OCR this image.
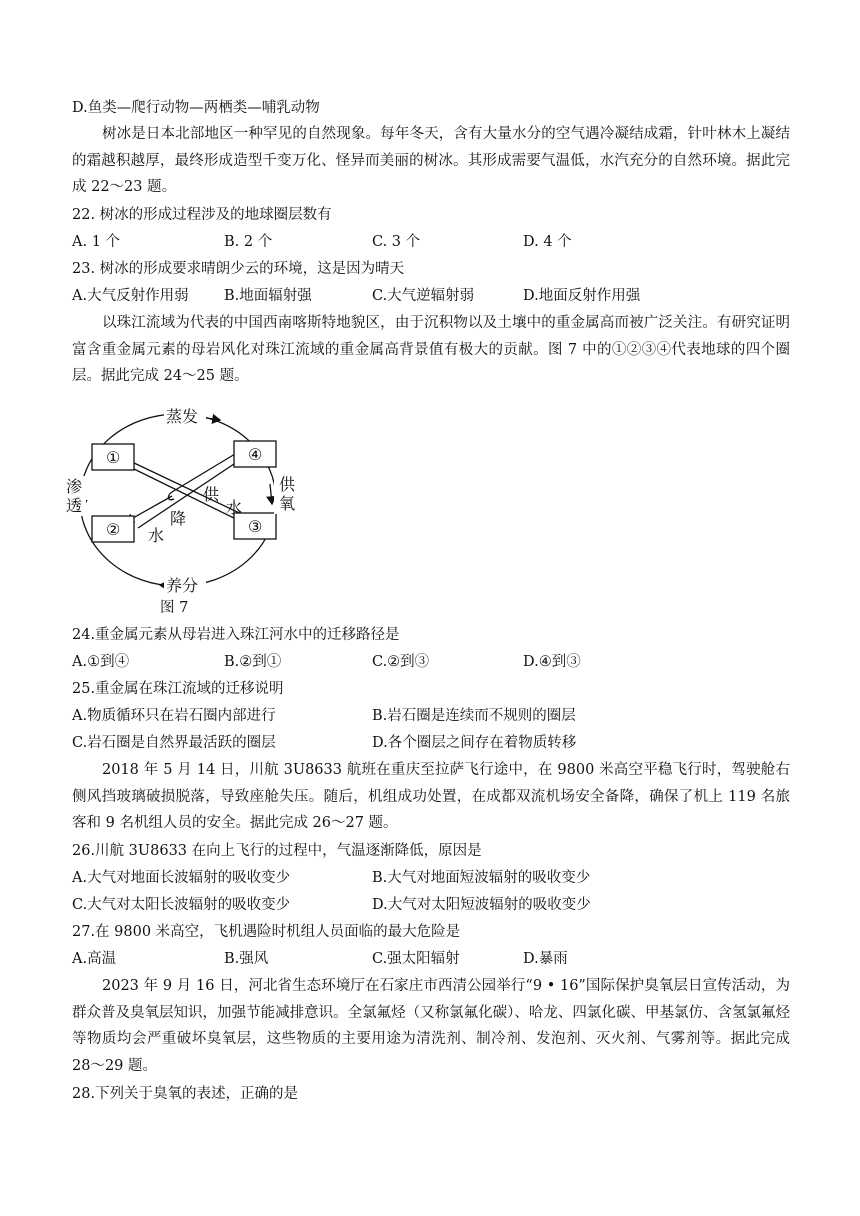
D.鱼类—爬行动物—两栖类—哺乳动物
树冰是日本北部地区一种罕见的自然现象。每年冬天，含有大量水分的空气遇冷凝结成霜，针叶林木上凝结的霜越积越厚，最终形成造型千变万化、怪异而美丽的树冰。其形成需要气温低，水汽充分的自然环境。据此完成 22～23 题。
22. 树冰的形成过程涉及的地球圈层数有
A. 1 个	B. 2 个	C. 3 个	D. 4 个
23. 树冰的形成要求晴朗少云的环境，这是因为晴天
A.大气反射作用弱 B.地面辐射强	C.大气逆辐射弱	D.地面反射作用强
以珠江流域为代表的中国西南喀斯特地貌区，由于沉积物以及土壤中的重金属高而被广泛关注。有研究证明富含重金属元素的母岩风化对珠江流域的重金属高背景值有极大的贡献。图 7 中的①②③④代表地球的四个圈层。据此完成 24～25 题。
①
②	③
④
蒸发
养分
渗
透
供
氧
降
水
供
水
图 7
24.重金属元素从母岩进入珠江河水中的迁移路径是
A.①到④	B.②到①	C.②到③	D.④到③
25.重金属在珠江流域的迁移说明
A.物质循环只在岩石圈内部进行	B.岩石圈是连续而不规则的圈层
C.岩石圈是自然界最活跃的圈层	D.各个圈层之间存在着物质转移
2018 年 5 月 14 日，川航 3U8633 航班在重庆至拉萨飞行途中，在 9800 米高空平稳飞行时，驾驶舱右侧风挡玻璃破损脱落，导致座舱失压。随后，机组成功处置，在成都双流机场安全备降，确保了机上 119 名旅客和 9 名机组人员的安全。据此完成 26～27 题。
26.川航 3U8633 在向上飞行的过程中，气温逐渐降低，原因是
A.大气对地面长波辐射的吸收变少	B.大气对地面短波辐射的吸收变少
C.大气对太阳长波辐射的吸收变少	D.大气对太阳短波辐射的吸收变少
27.在 9800 米高空，飞机遇险时机组人员面临的最大危险是
A.高温	B.强风	C.强太阳辐射	D.暴雨
2023 年 9 月 16 日，河北省生态环境厅在石家庄市西清公园举行“9 • 16”国际保护臭氧层日宣传活动，为群众普及臭氧层知识，加强节能减排意识。全氯氟烃（又称氯氟化碳）、哈龙、四氯化碳、甲基氯仿、含氢氯氟烃等物质均会严重破坏臭氧层，这些物质的主要用途为清洗剂、制冷剂、发泡剂、灭火剂、气雾剂等。据此完成 28～29 题。
28.下列关于臭氧的表述，正确的是
